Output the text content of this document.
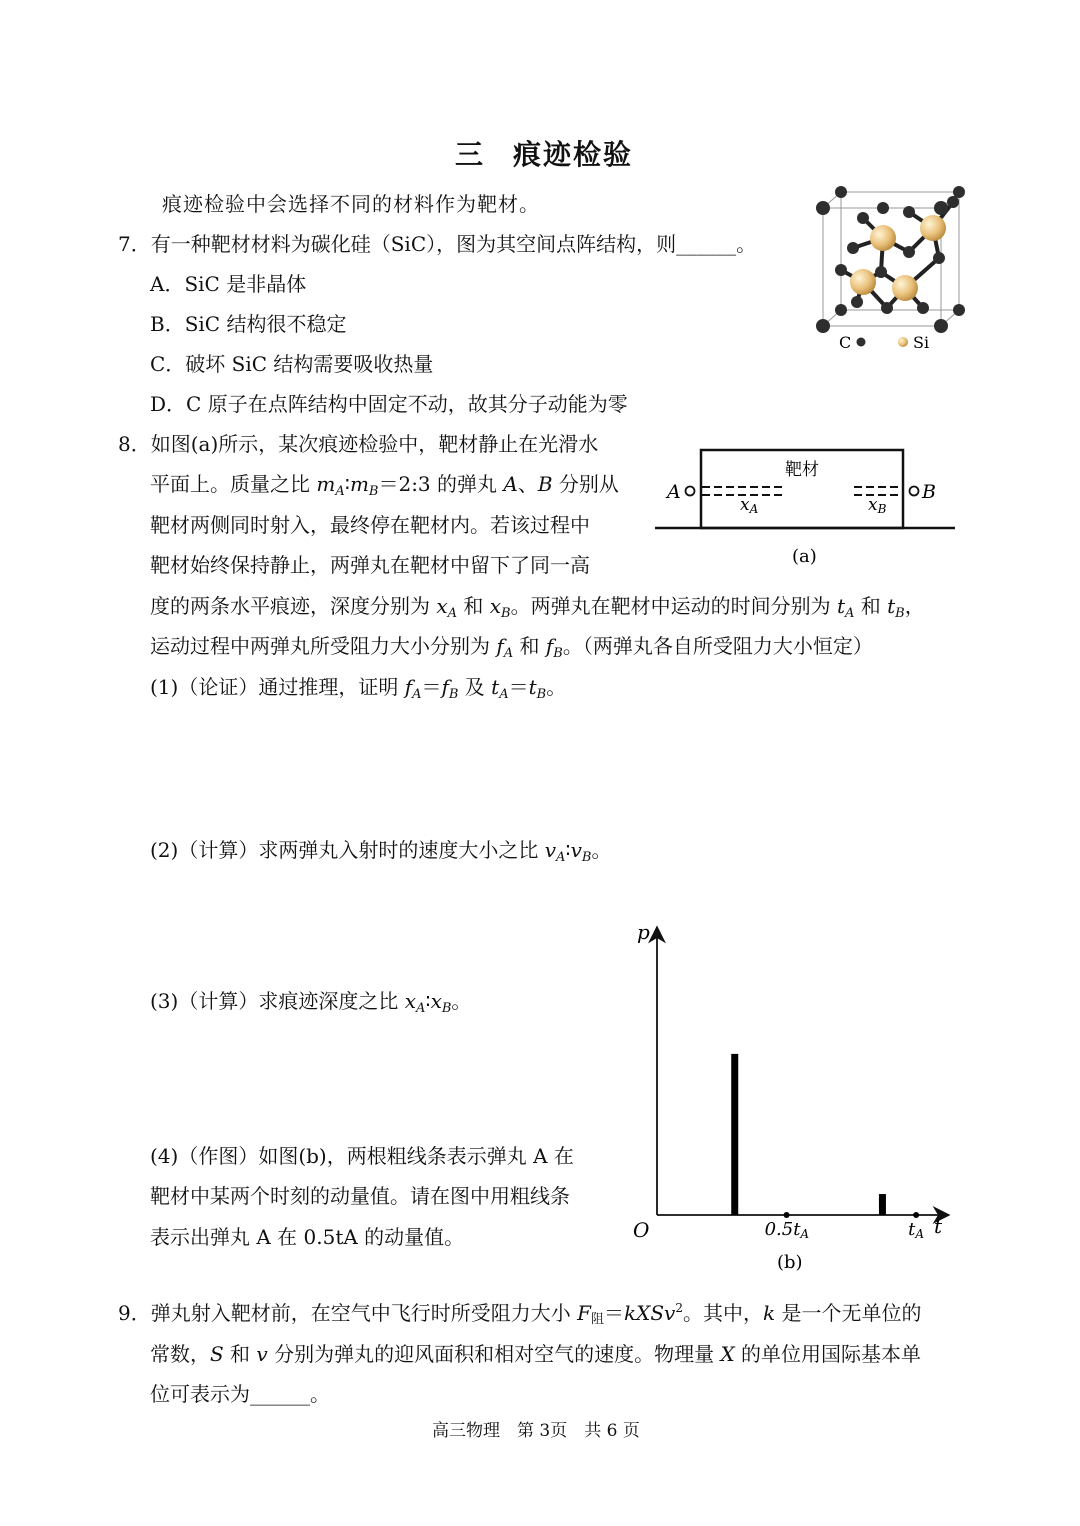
三 痕迹检验
痕迹检验中会选择不同的材料作为靶材。
7．有一种靶材材料为碳化硅（SiC），图为其空间点阵结构，则______。
A．SiC 是非晶体
B．SiC 结构很不稳定
C．破坏 SiC 结构需要吸收热量
D．C 原子在点阵结构中固定不动，故其分子动能为零
C	Si
8．如图(a)所示，某次痕迹检验中，靶材静止在光滑水
平面上。质量之比 $m_A∶m_B=2:3$ 的弹丸 A、B 分别从
靶材两侧同时射入，最终停在靶材内。若该过程中
靶材始终保持静止，两弹丸在靶材中留下了同一高
度的两条水平痕迹，深度分别为 $x_A$ 和 $x_B$。两弹丸在靶材中运动的时间分别为 $t_A$ 和 $t_B$，
运动过程中两弹丸所受阻力大小分别为 $f_A$ 和 $f_B$。（两弹丸各自所受阻力大小恒定）
(1)（论证）通过推理，证明 $f_A=f_B$ 及 $t_A=t_B$。
(2)（计算）求两弹丸入射时的速度大小之比 $v_A∶v_B$。
(3)（计算）求痕迹深度之比 $x_A∶x_B$。
(4)（作图）如图(b)，两根粗线条表示弹丸 A 在
靶材中某两个时刻的动量值。请在图中用粗线条
表示出弹丸 A 在 0.5tA 的动量值。
靶材
A	B
xA	xB
(a)
p
t
O	0.5tA	tA
(b)
9．弹丸射入靶材前，在空气中飞行时所受阻力大小 F阻＝kXSv$^2$。其中，k 是一个无单位的
常数，S 和 v 分别为弹丸的迎风面积和相对空气的速度。物理量 X 的单位用国际基本单
位可表示为______。
高三物理　第 3页　共 6 页
